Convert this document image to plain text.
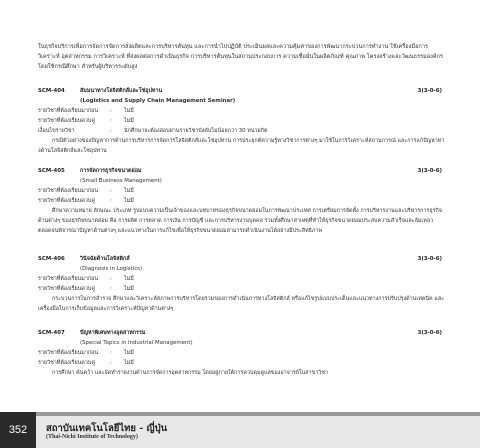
ในธุรกิจบริการเพื่อการจัดการจัดการสั่งผลิตและการบริหารต้นทุน และการนำไปปฏิบัติ ประเมินผลและความคุ้มค่าของการพัฒนากระบวนการทำงาน ใช้เครื่องมือการวิเคราะห์ อุตสาหกรรม การวิเคราะห์ ที่ส่งผลต่อการดำเนินธุรกิจ การบริหารต้นทุนในสถานประกอบการ ความเชื่อมั่นในผลิตภัณฑ์ คุณภาพ โครงสร้างและวัฒนธรรมองค์กร โดยใช้กรณีศึกษา สำหรับผู้บริหารระดับสูง
SCM-404	สัมมนาทางโลจิสติกส์และโซ่อุปทาน	3(3-0-6)
(Logistics and Supply Chain Management Seminar)
รายวิชาที่ต้องเรียนมาก่อน : ไม่มี
รายวิชาที่ต้องเรียนควบคู่	: ไม่มี
เงื่อนไขรายวิชา	: นักศึกษาจะต้องสอบผ่านรายวิชาบังคับไม่น้อยกว่า 30 หน่วยกิต
กรณีตัวอย่างของปัญหาการด้านการบริหารการจัดการโลจิสติกส์และโซ่อุปทาน การประยุกต์ความรู้ทางวิชาการต่างๆ มาใช้ในการวิเคราะห์สถานการณ์ และการแก้ปัญหาทางด้านโลจิสติกส์และโซ่อุปทาน
SCM-405	การจัดการธุรกิจขนาดย่อม	3(3-0-6)
(Small Business Management)
รายวิชาที่ต้องเรียนมาก่อน : ไม่มี
รายวิชาที่ต้องเรียนควบคู่	: ไม่มี
ศึกษาความหมาย ลักษณะ ประเภท รูปแบบความเป็นเจ้าของและบทบาทของธุรกิจขนาดย่อมในการพัฒนาประเทศ การเตรียมการจัดตั้ง การบริหารงานและบริหารการธุรกิจด้านต่างๆ ของธุรกิจขนาดย่อม คือ การผลิต การตลาด การเงิน การบัญชี และการบริหารงานบุคคล รวมทั้งศึกษาสาเหตุที่ทำให้ธุรกิจขนาดย่อมประสบความสำเร็จและล้มเหลว ตลอดจนพิจารณาปัญหาด้านต่างๆ และแนวทางในการแก้ไขเพื่อให้ธุรกิจขนาดย่อมสามารถดำเนินงานได้อย่างมีประสิทธิภาพ
SCM-406	วินิจฉัยด้านโลจิสติกส์	3(3-0-6)
(Diagnosis in Logistics)
รายวิชาที่ต้องเรียนมาก่อน : ไม่มี
รายวิชาที่ต้องเรียนควบคู่	: ไม่มี
กระบวนการในการสำรวจ ศึกษาและวิเคราะห์สภาพการบริหารโดยรวมของการดำเนินการทางโลจิสติกส์ หรือแก้ไขรูปแบบประเด็นและแนวทางการปรับปรุงด้านเทคนิค และเครื่องมือในการเก็บข้อมูลและการวิเคราะห์ปัญหาด้านต่างๆ
SCM-407	ปัญหาพิเศษทางอุตสาหกรรม	3(3-0-6)
(Special Topics in Industrial Management)
รายวิชาที่ต้องเรียนมาก่อน : ไม่มี
รายวิชาที่ต้องเรียนควบคู่	: ไม่มี
การศึกษา ค้นคว้า และจัดทำรายงานด้านการจัดการอุตสาหกรรม โดยอยู่ภายใต้การควบคุมดูแลของอาจารย์ในสาขาวิชา
352	สถาบันเทคโนโลยีไทย - ญี่ปุ่น
(Thai-Nichi Institute of Technology)
